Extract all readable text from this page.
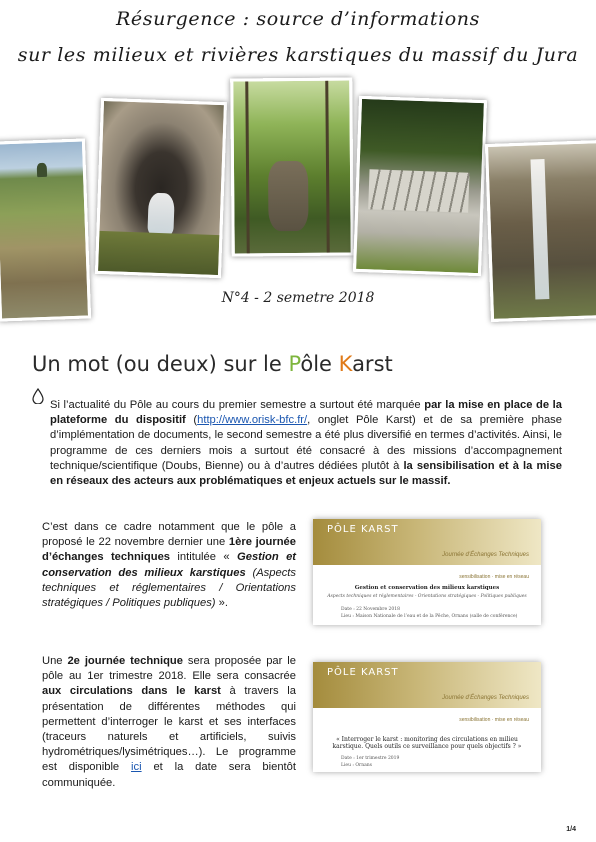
Résurgence : source d’informations
sur les milieux et rivières karstiques du massif du Jura
N°4 - 2 semetre 2018
Un mot (ou deux) sur le Pôle Karst
Si l’actualité du Pôle au cours du premier semestre a surtout été marquée par la mise en place de la plateforme du dispositif (http://www.orisk-bfc.fr/, onglet Pôle Karst) et de sa première phase d’implémentation de documents, le second semestre a été plus diversifié en termes d’activités. Ainsi, le programme de ces derniers mois a surtout été consacré à des missions d’accompagnement technique/scientifique (Doubs, Bienne) ou à d’autres dédiées plutôt à la sensibilisation et à la mise en réseaux des acteurs aux problématiques et enjeux actuels sur le massif.
C’est dans ce cadre notamment que le pôle a proposé le 22 novembre dernier une 1ère journée d’échanges techniques intitulée « Gestion et conservation des milieux karstiques (Aspects techniques et réglementaires / Orientations stratégiques / Politiques publiques) ».
Une 2e journée technique sera proposée par le pôle au 1er trimestre 2018. Elle sera consacrée aux circulations dans le karst à travers la présentation de différentes méthodes qui permettent d’interroger le karst et ses interfaces (traceurs naturels et artificiels, suivis hydrométriques/lysimétriques…). Le programme est disponible ici et la date sera bientôt communiquée.
PÔLE KARST
Journée d’Échanges Techniques
sensibilisation · mise en réseau
Gestion et conservation des milieux karstiques
Aspects techniques et réglementaires - Orientations stratégiques - Politiques publiques
Date : 22 Novembre 2018
Lieu : Maison Nationale de l’eau et de la Pêche, Ornans (salle de conférence)
PÔLE KARST
Journée d’Échanges Techniques
sensibilisation · mise en réseau
« Interroger le karst : monitoring des circulations en milieu karstique. Quels outils ce surveillance pour quels objectifs ? »
Date : 1er trimestre 2019
Lieu : Ornans
1/4
